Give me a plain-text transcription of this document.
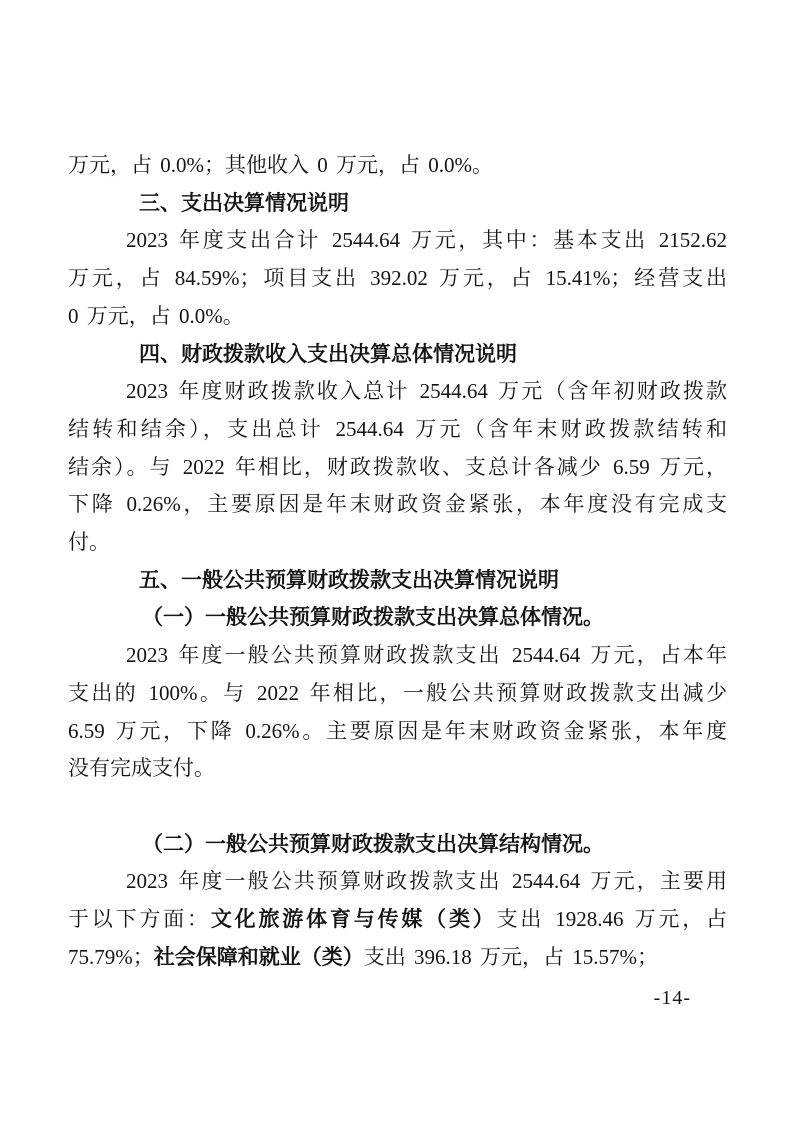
万元，占 0.0%；其他收入 0 万元，占 0.0%。
三、支出决算情况说明
2023 年度支出合计 2544.64 万元，其中：基本支出 2152.62
万元，占 84.59%；项目支出 392.02 万元，占 15.41%；经营支出
0 万元，占 0.0%。
四、财政拨款收入支出决算总体情况说明
2023 年度财政拨款收入总计 2544.64 万元（含年初财政拨款
结转和结余），支出总计 2544.64 万元（含年末财政拨款结转和
结余）。与 2022 年相比，财政拨款收、支总计各减少 6.59 万元，
下降 0.26%，主要原因是年末财政资金紧张，本年度没有完成支
付。
五、一般公共预算财政拨款支出决算情况说明
（一）一般公共预算财政拨款支出决算总体情况。
2023 年度一般公共预算财政拨款支出 2544.64 万元，占本年
支出的 100%。与 2022 年相比，一般公共预算财政拨款支出减少
6.59 万元，下降 0.26%。主要原因是年末财政资金紧张，本年度
没有完成支付。
（二）一般公共预算财政拨款支出决算结构情况。
2023 年度一般公共预算财政拨款支出 2544.64 万元，主要用
于以下方面：文化旅游体育与传媒（类）支出 1928.46 万元，占
75.79%；社会保障和就业（类）支出 396.18 万元，占 15.57%；
-14-
